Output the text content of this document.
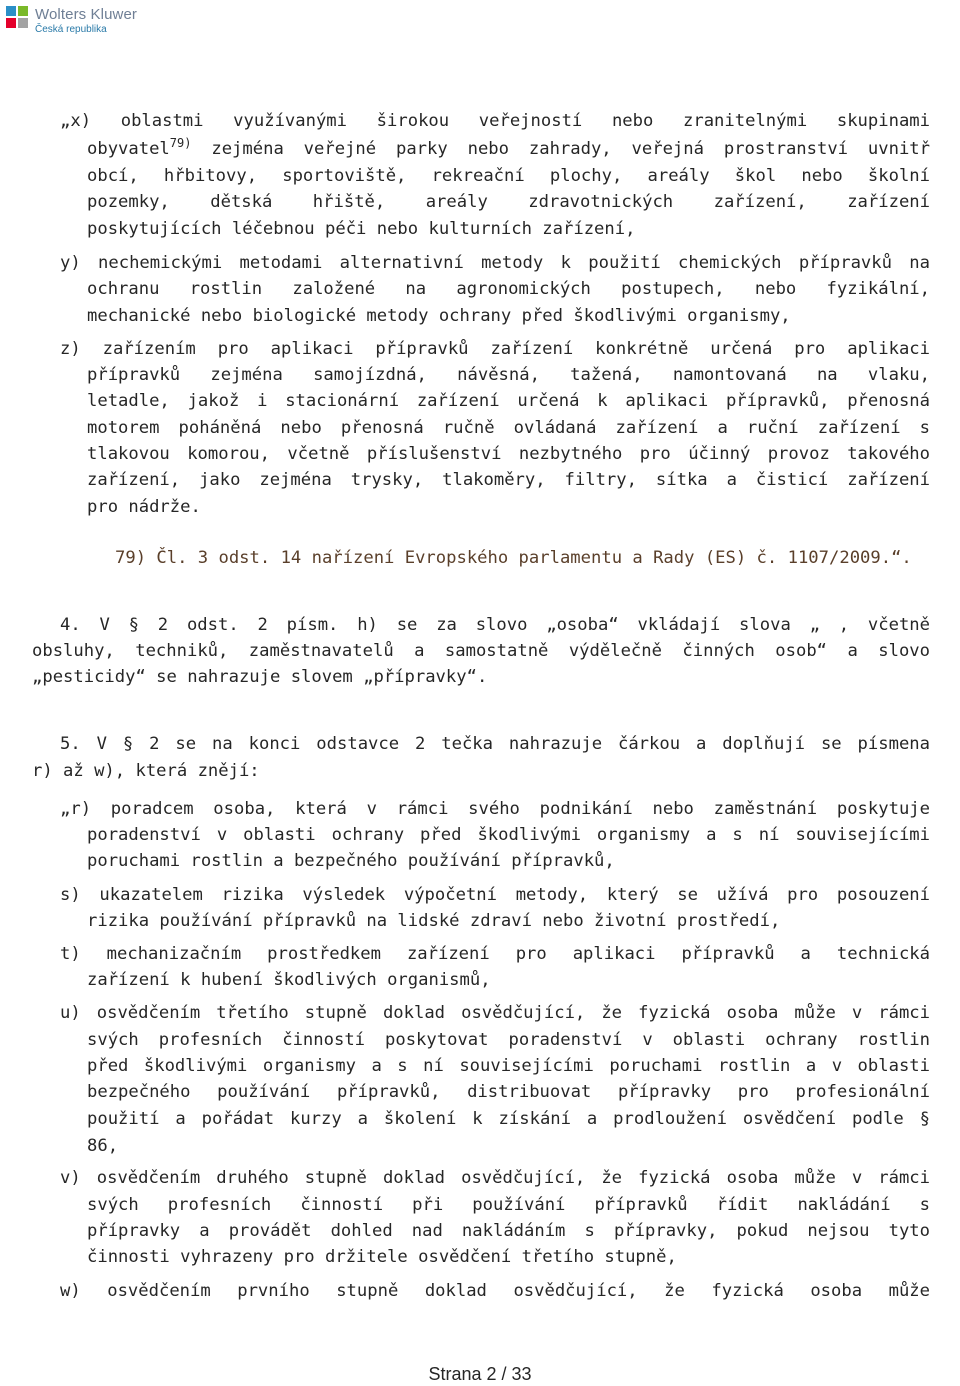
Wolters Kluwer
Česká republika
„x) oblastmi využívanými širokou veřejností nebo zranitelnými skupinami
obyvatel$^{79)}$ zejména veřejné parky nebo zahrady, veřejná prostranství uvnitř
obcí, hřbitovy, sportoviště, rekreační plochy, areály škol nebo školní
pozemky, dětská hřiště, areály zdravotnických zařízení, zařízení
poskytujících léčebnou péči nebo kulturních zařízení,
y) nechemickými metodami alternativní metody k použití chemických přípravků na
ochranu rostlin založené na agronomických postupech, nebo fyzikální,
mechanické nebo biologické metody ochrany před škodlivými organismy,
z) zařízením pro aplikaci přípravků zařízení konkrétně určená pro aplikaci
přípravků zejména samojízdná, návěsná, tažená, namontovaná na vlaku,
letadle, jakož i stacionární zařízení určená k aplikaci přípravků, přenosná
motorem poháněná nebo přenosná ručně ovládaná zařízení a ruční zařízení s
tlakovou komorou, včetně příslušenství nezbytného pro účinný provoz takového
zařízení, jako zejména trysky, tlakoměry, filtry, sítka a čisticí zařízení
pro nádrže.
79) Čl. 3 odst. 14 nařízení Evropského parlamentu a Rady (ES) č. 1107/2009.“.
4. V § 2 odst. 2 písm. h) se za slovo „osoba“ vkládají slova „ , včetně
obsluhy, techniků, zaměstnavatelů a samostatně výdělečně činných osob“ a slovo
„pesticidy“ se nahrazuje slovem „přípravky“.
5. V § 2 se na konci odstavce 2 tečka nahrazuje čárkou a doplňují se písmena
r) až w), která znějí:
„r) poradcem osoba, která v rámci svého podnikání nebo zaměstnání poskytuje
poradenství v oblasti ochrany před škodlivými organismy a s ní souvisejícími
poruchami rostlin a bezpečného používání přípravků,
s) ukazatelem rizika výsledek výpočetní metody, který se užívá pro posouzení
rizika používání přípravků na lidské zdraví nebo životní prostředí,
t) mechanizačním prostředkem zařízení pro aplikaci přípravků a technická
zařízení k hubení škodlivých organismů,
u) osvědčením třetího stupně doklad osvědčující, že fyzická osoba může v rámci
svých profesních činností poskytovat poradenství v oblasti ochrany rostlin
před škodlivými organismy a s ní souvisejícími poruchami rostlin a v oblasti
bezpečného používání přípravků, distribuovat přípravky pro profesionální
použití a pořádat kurzy a školení k získání a prodloužení osvědčení podle §
86,
v) osvědčením druhého stupně doklad osvědčující, že fyzická osoba může v rámci
svých profesních činností při používání přípravků řídit nakládání s
přípravky a provádět dohled nad nakládáním s přípravky, pokud nejsou tyto
činnosti vyhrazeny pro držitele osvědčení třetího stupně,
w) osvědčením prvního stupně doklad osvědčující, že fyzická osoba může
Strana 2 / 33
